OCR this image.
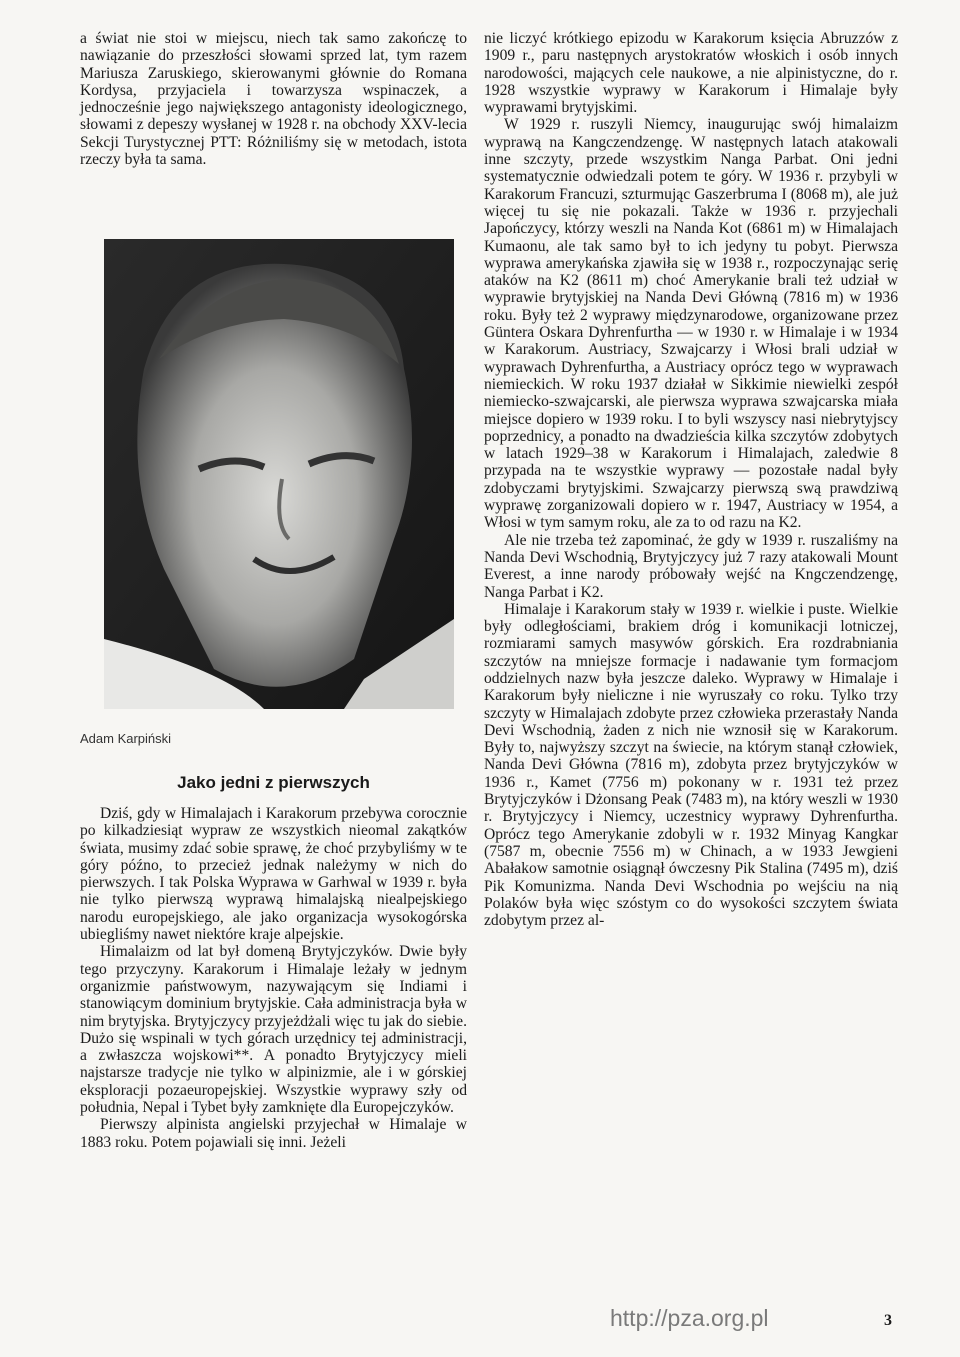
a świat nie stoi w miejscu, niech tak samo zakończę to nawiązanie do przeszłości słowami sprzed lat, tym razem Mariusza Zaruskiego, skierowanymi głównie do Romana Kordysa, przyjaciela i towarzysza wspinaczek, a jednocześnie jego największego antagonisty ideologicznego, słowami z depeszy wysłanej w 1928 r. na obchody XXV-lecia Sekcji Turystycznej PTT: Różniliśmy się w metodach, istota rzeczy była ta sama.

Adam Karpiński
Jako jedni z pierwszych

Dziś, gdy w Himalajach i Karakorum przebywa corocznie po kilkadziesiąt wypraw ze wszystkich nieomal zakątków świata, musimy zdać sobie sprawę, że choć przybyliśmy w te góry późno, to przecież jednak należymy w nich do pierwszych. I tak Polska Wyprawa w Garhwal w 1939 r. była nie tylko pierwszą wyprawą himalajską niealpejskiego narodu europejskiego, ale jako organizacja wysokogórska ubiegliśmy nawet niektóre kraje alpejskie.

Himalaizm od lat był domeną Brytyjczyków. Dwie były tego przyczyny. Karakorum i Himalaje leżały w jednym organizmie państwowym, nazywającym się Indiami i stanowiącym dominium brytyjskie. Cała administracja była w nim brytyjska. Brytyjczycy przyjeżdżali więc tu jak do siebie. Dużo się wspinali w tych górach urzędnicy tej administracji, a zwłaszcza wojskowi**. A ponadto Brytyjczycy mieli najstarsze tradycje nie tylko w alpinizmie, ale i w górskiej eksploracji pozaeuropejskiej. Wszystkie wyprawy szły od południa, Nepal i Tybet były zamknięte dla Europejczyków.

Pierwszy alpinista angielski przyjechał w Himalaje w 1883 roku. Potem pojawiali się inni. Jeżeli

nie liczyć krótkiego epizodu w Karakorum księcia Abruzzów z 1909 r., paru następnych arystokratów włoskich i osób innych narodowości, mających cele naukowe, a nie alpinistyczne, do r. 1928 wszystkie wyprawy w Karakorum i Himalaje były wyprawami brytyjskimi.

W 1929 r. ruszyli Niemcy, inaugurując swój himalaizm wyprawą na Kangczendzengę. W następnych latach atakowali inne szczyty, przede wszystkim Nanga Parbat. Oni jedni systematycznie odwiedzali potem te góry. W 1936 r. przybyli w Karakorum Francuzi, szturmując Gaszerbruma I (8068 m), ale już więcej tu się nie pokazali. Także w 1936 r. przyjechali Japończycy, którzy weszli na Nanda Kot (6861 m) w Himalajach Kumaonu, ale tak samo był to ich jedyny tu pobyt. Pierwsza wyprawa amerykańska zjawiła się w 1938 r., rozpoczynając serię ataków na K2 (8611 m) choć Amerykanie brali też udział w wyprawie brytyjskiej na Nanda Devi Główną (7816 m) w 1936 roku. Były też 2 wyprawy międzynarodowe, organizowane przez Güntera Oskara Dyhrenfurtha — w 1930 r. w Himalaje i w 1934 w Karakorum. Austriacy, Szwajcarzy i Włosi brali udział w wyprawach Dyhrenfurtha, a Austriacy oprócz tego w wyprawach niemieckich. W roku 1937 działał w Sikkimie niewielki zespół niemiecko-szwajcarski, ale pierwsza wyprawa szwajcarska miała miejsce dopiero w 1939 roku. I to byli wszyscy nasi niebrytyjscy poprzednicy, a ponadto na dwadzieścia kilka szczytów zdobytych w latach 1929–38 w Karakorum i Himalajach, zaledwie 8 przypada na te wszystkie wyprawy — pozostałe nadal były zdobyczami brytyjskimi. Szwajcarzy pierwszą swą prawdziwą wyprawę zorganizowali dopiero w r. 1947, Austriacy w 1954, a Włosi w tym samym roku, ale za to od razu na K2.

Ale nie trzeba też zapominać, że gdy w 1939 r. ruszaliśmy na Nanda Devi Wschodnią, Brytyjczycy już 7 razy atakowali Mount Everest, a inne narody próbowały wejść na Kngczendzengę, Nanga Parbat i K2.

Himalaje i Karakorum stały w 1939 r. wielkie i puste. Wielkie były odległościami, brakiem dróg i komunikacji lotniczej, rozmiarami samych masywów górskich. Era rozdrabniania szczytów na mniejsze formacje i nadawanie tym formacjom oddzielnych nazw była jeszcze daleko. Wyprawy w Himalaje i Karakorum były nieliczne i nie wyruszały co roku. Tylko trzy szczyty w Himalajach zdobyte przez człowieka przerastały Nanda Devi Wschodnią, żaden z nich nie wznosił się w Karakorum. Były to, najwyższy szczyt na świecie, na którym stanął człowiek, Nanda Devi Główna (7816 m), zdobyta przez brytyjczyków w 1936 r., Kamet (7756 m) pokonany w r. 1931 też przez Brytyjczyków i Dżonsang Peak (7483 m), na który weszli w 1930 r. Brytyjczycy i Niemcy, uczestnicy wyprawy Dyhrenfurtha. Oprócz tego Amerykanie zdobyli w r. 1932 Minyag Kangkar (7587 m, obecnie 7556 m) w Chinach, a w 1933 Jewgieni Abałakow samotnie osiągnął ówczesny Pik Stalina (7495 m), dziś Pik Komunizma. Nanda Devi Wschodnia po wejściu na nią Polaków była więc szóstym co do wysokości szczytem świata zdobytym przez al-

http://pza.org.pl	3
